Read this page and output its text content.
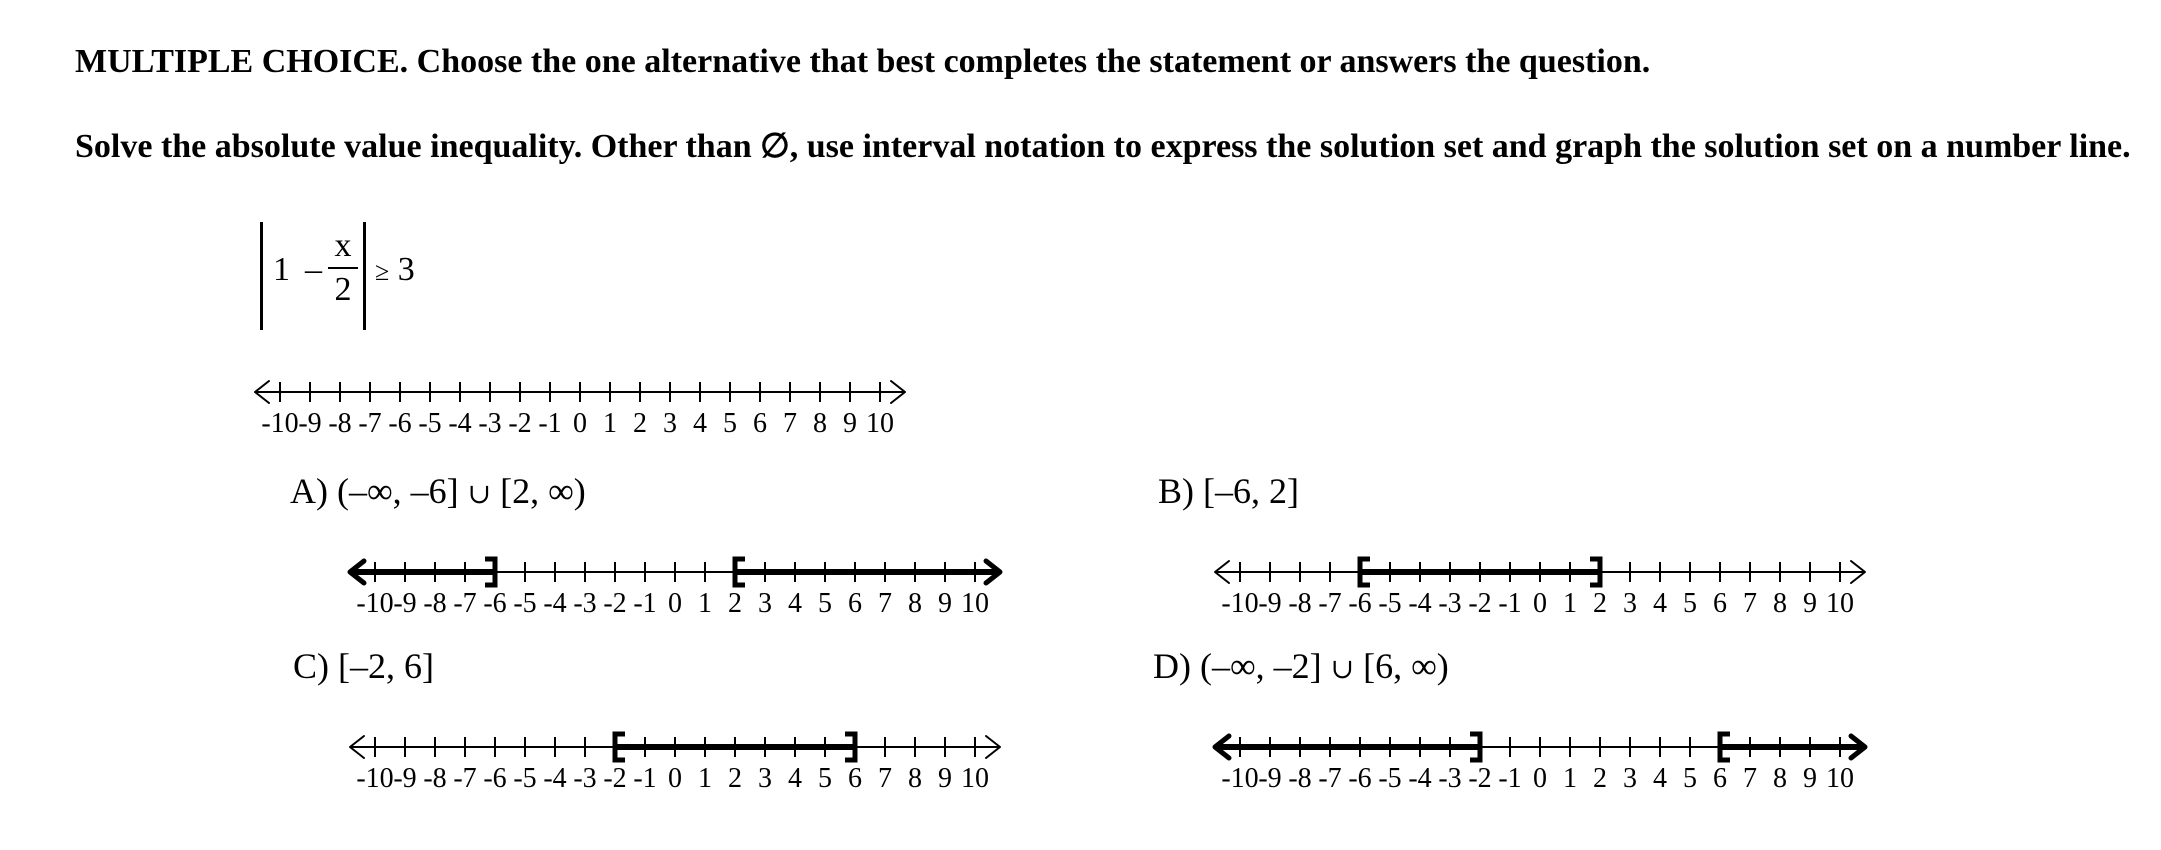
MULTIPLE CHOICE. Choose the one alternative that best completes the statement or answers the question.

Solve the absolute value inequality. Other than ∅, use interval notation to express the solution set and graph the solution set on a number line.

1 –
x
2 ≥ 3
-10 -9 -8 -7 -6 -5 -4 -3 -2 -1 0 1 2 3 4 5 6 7 8 9 10
A) (–∞, –6] ∪ [2, ∞)
-10 -9 -8 -7 -6 -5 -4 -3 -2 -1 0 1 2 3 4 5 6 7 8 9 10
B) [–6, 2]
-10 -9 -8 -7 -6 -5 -4 -3 -2 -1 0 1 2 3 4 5 6 7 8 9 10
C) [–2, 6]
-10 -9 -8 -7 -6 -5 -4 -3 -2 -1 0 1 2 3 4 5 6 7 8 9 10
D) (–∞, –2] ∪ [6, ∞)
-10 -9 -8 -7 -6 -5 -4 -3 -2 -1 0 1 2 3 4 5 6 7 8 9 10
